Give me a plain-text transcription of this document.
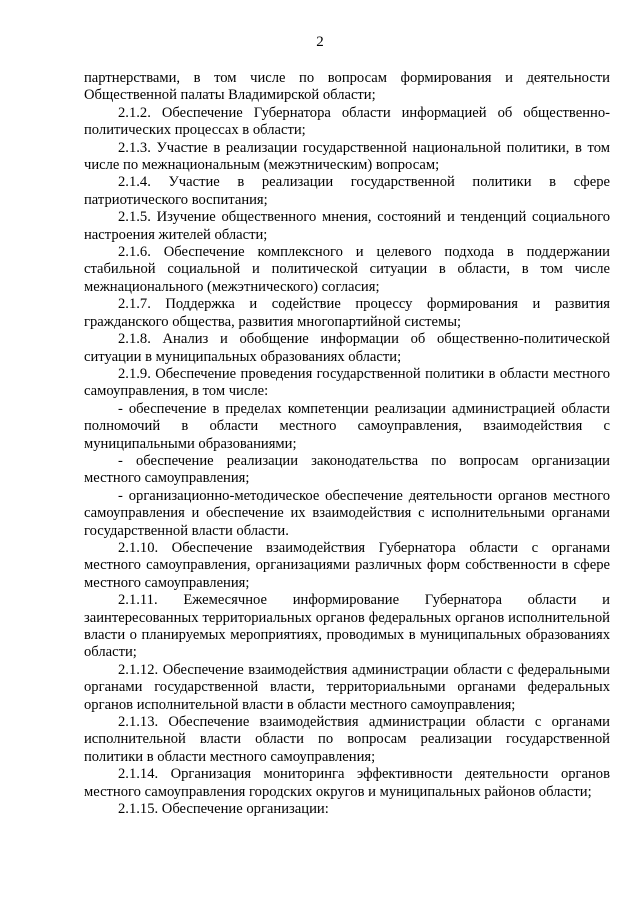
2

партнерствами, в том числе по вопросам формирования и деятельности Общественной палаты Владимирской области;

2.1.2. Обеспечение Губернатора области информацией об общественно-политических процессах в области;

2.1.3. Участие в реализации государственной национальной политики, в том числе по межнациональным (межэтническим) вопросам;

2.1.4. Участие в реализации государственной политики в сфере патриотического воспитания;

2.1.5. Изучение общественного мнения, состояний и тенденций социального настроения жителей области;

2.1.6. Обеспечение комплексного и целевого подхода в поддержании стабильной социальной и политической ситуации в области, в том числе межнационального (межэтнического) согласия;

2.1.7. Поддержка и содействие процессу формирования и развития гражданского общества, развития многопартийной системы;

2.1.8. Анализ и обобщение информации об общественно-политической ситуации в муниципальных образованиях области;

2.1.9. Обеспечение проведения государственной политики в области местного самоуправления, в том числе:

- обеспечение в пределах компетенции реализации администрацией области полномочий в области местного самоуправления, взаимодействия с муниципальными образованиями;

- обеспечение реализации законодательства по вопросам организации местного самоуправления;

- организационно-методическое обеспечение деятельности органов местного самоуправления и обеспечение их взаимодействия с исполнительными органами государственной власти области.

2.1.10. Обеспечение взаимодействия Губернатора области с органами местного самоуправления, организациями различных форм собственности в сфере местного самоуправления;

2.1.11. Ежемесячное информирование Губернатора области и заинтересованных территориальных органов федеральных органов исполнительной власти о планируемых мероприятиях, проводимых в муниципальных образованиях области;

2.1.12. Обеспечение взаимодействия администрации области с федеральными органами государственной власти, территориальными органами федеральных органов исполнительной власти в области местного самоуправления;

2.1.13. Обеспечение взаимодействия администрации области с органами исполнительной власти области по вопросам реализации государственной политики в области местного самоуправления;

2.1.14. Организация мониторинга эффективности деятельности органов местного самоуправления городских округов и муниципальных районов области;

2.1.15. Обеспечение организации:
